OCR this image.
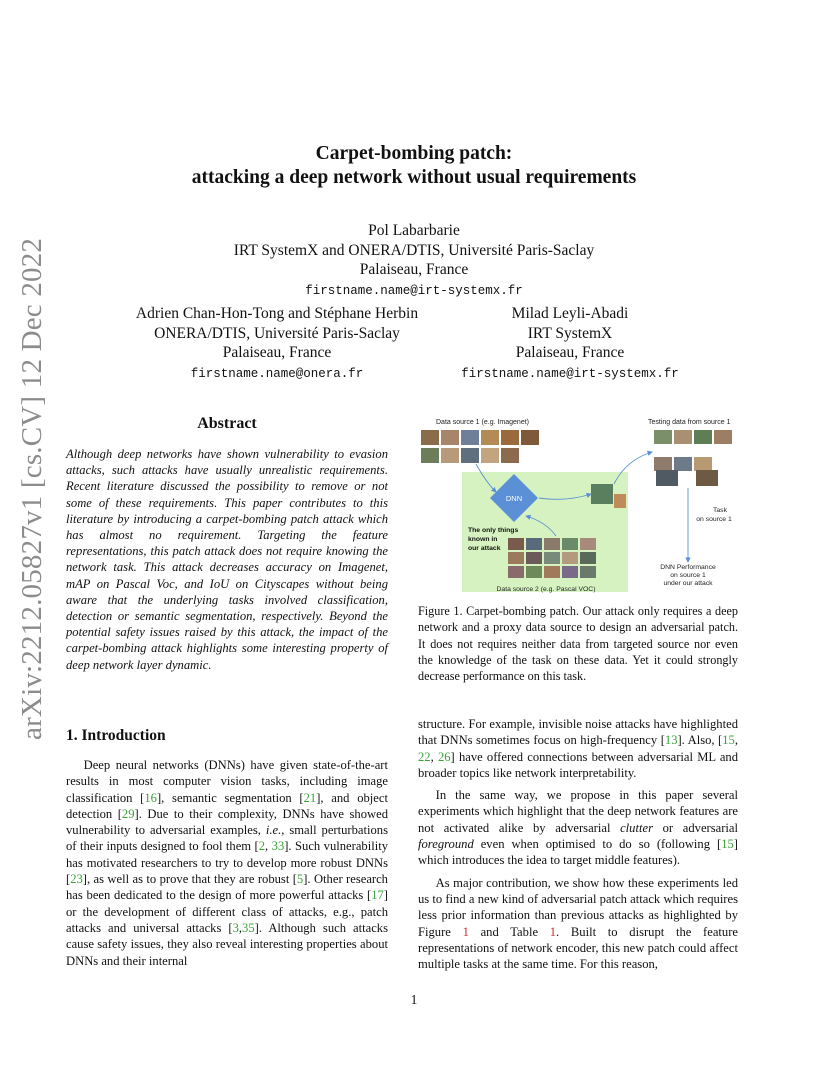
arXiv:2212.05827v1 [cs.CV] 12 Dec 2022
Carpet-bombing patch:
attacking a deep network without usual requirements
Pol Labarbarie
IRT SystemX and ONERA/DTIS, Université Paris-Saclay
Palaiseau, France
firstname.name@irt-systemx.fr
Adrien Chan-Hon-Tong and Stéphane Herbin
ONERA/DTIS, Université Paris-Saclay
Palaiseau, France
firstname.name@onera.fr
Milad Leyli-Abadi
IRT SystemX
Palaiseau, France
firstname.name@irt-systemx.fr
Abstract
Although deep networks have shown vulnerability to evasion attacks, such attacks have usually unrealistic requirements. Recent literature discussed the possibility to remove or not some of these requirements. This paper contributes to this literature by introducing a carpet-bombing patch attack which has almost no requirement. Targeting the feature representations, this patch attack does not require knowing the network task. This attack decreases accuracy on Imagenet, mAP on Pascal Voc, and IoU on Cityscapes without being aware that the underlying tasks involved classification, detection or semantic segmentation, respectively. Beyond the potential safety issues raised by this attack, the impact of the carpet-bombing attack highlights some interesting property of deep network layer dynamic.
1. Introduction

Deep neural networks (DNNs) have given state-of-the-art results in most computer vision tasks, including image classification [16], semantic segmentation [21], and object detection [29]. Due to their complexity, DNNs have showed vulnerability to adversarial examples, i.e., small perturbations of their inputs designed to fool them [2, 33]. Such vulnerability has motivated researchers to try to develop more robust DNNs [23], as well as to prove that they are robust [5]. Other research has been dedicated to the design of more powerful attacks [17] or the development of different class of attacks, e.g., patch attacks and universal attacks [3,35]. Although such attacks cause safety issues, they also reveal interesting properties about DNNs and their internal

DNN
Data source 1 (e.g. Imagenet)	Testing data from source 1
Task
on source 1
The only things
known in
our attack
DNN Performance
on source 1
under our attack
Data source 2 (e.g. Pascal VOC)
Figure 1. Carpet-bombing patch. Our attack only requires a deep network and a proxy data source to design an adversarial patch. It does not requires neither data from targeted source nor even the knowledge of the task on these data. Yet it could strongly decrease performance on this task.

structure. For example, invisible noise attacks have highlighted that DNNs sometimes focus on high-frequency [13]. Also, [15, 22, 26] have offered connections between adversarial ML and broader topics like network interpretability.

In the same way, we propose in this paper several experiments which highlight that the deep network features are not activated alike by adversarial clutter or adversarial foreground even when optimised to do so (following [15] which introduces the idea to target middle features).

As major contribution, we show how these experiments led us to find a new kind of adversarial patch attack which requires less prior information than previous attacks as highlighted by Figure 1 and Table 1. Built to disrupt the feature representations of network encoder, this new patch could affect multiple tasks at the same time. For this reason,

1
